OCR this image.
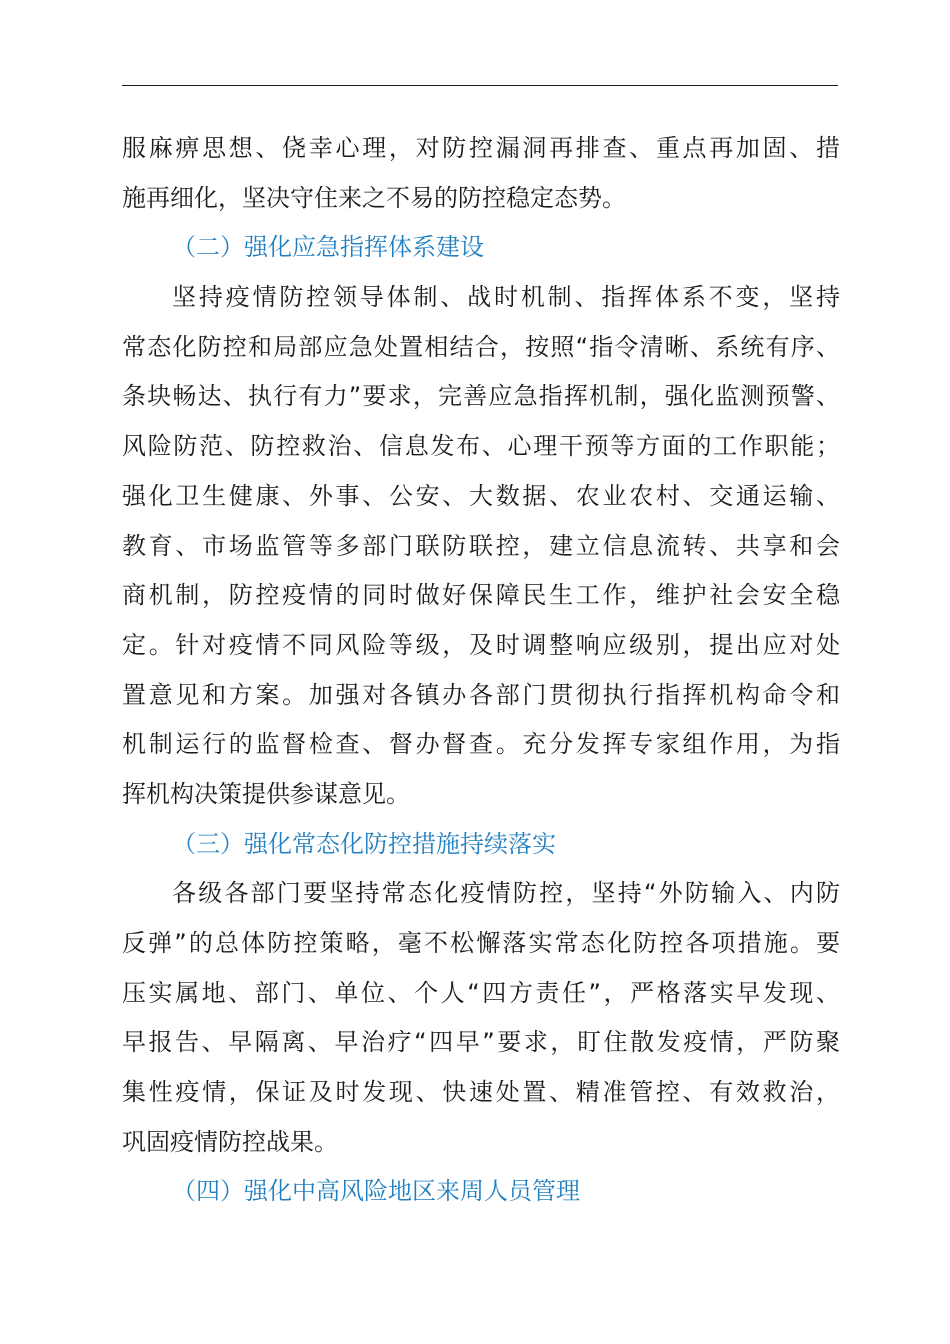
服麻痹思想、侥幸心理，对防控漏洞再排查、重点再加固、措
施再细化，坚决守住来之不易的防控稳定态势。
（二）强化应急指挥体系建设
坚持疫情防控领导体制、战时机制、指挥体系不变，坚持
常态化防控和局部应急处置相结合，按照“指令清晰、系统有序、
条块畅达、执行有力”要求，完善应急指挥机制，强化监测预警、
风险防范、防控救治、信息发布、心理干预等方面的工作职能；
强化卫生健康、外事、公安、大数据、农业农村、交通运输、
教育、市场监管等多部门联防联控，建立信息流转、共享和会
商机制，防控疫情的同时做好保障民生工作，维护社会安全稳
定。针对疫情不同风险等级，及时调整响应级别，提出应对处
置意见和方案。加强对各镇办各部门贯彻执行指挥机构命令和
机制运行的监督检查、督办督查。充分发挥专家组作用，为指
挥机构决策提供参谋意见。
（三）强化常态化防控措施持续落实
各级各部门要坚持常态化疫情防控，坚持“外防输入、内防
反弹”的总体防控策略，毫不松懈落实常态化防控各项措施。要
压实属地、部门、单位、个人“四方责任”，严格落实早发现、
早报告、早隔离、早治疗“四早”要求，盯住散发疫情，严防聚
集性疫情，保证及时发现、快速处置、精准管控、有效救治，
巩固疫情防控战果。
（四）强化中高风险地区来周人员管理
